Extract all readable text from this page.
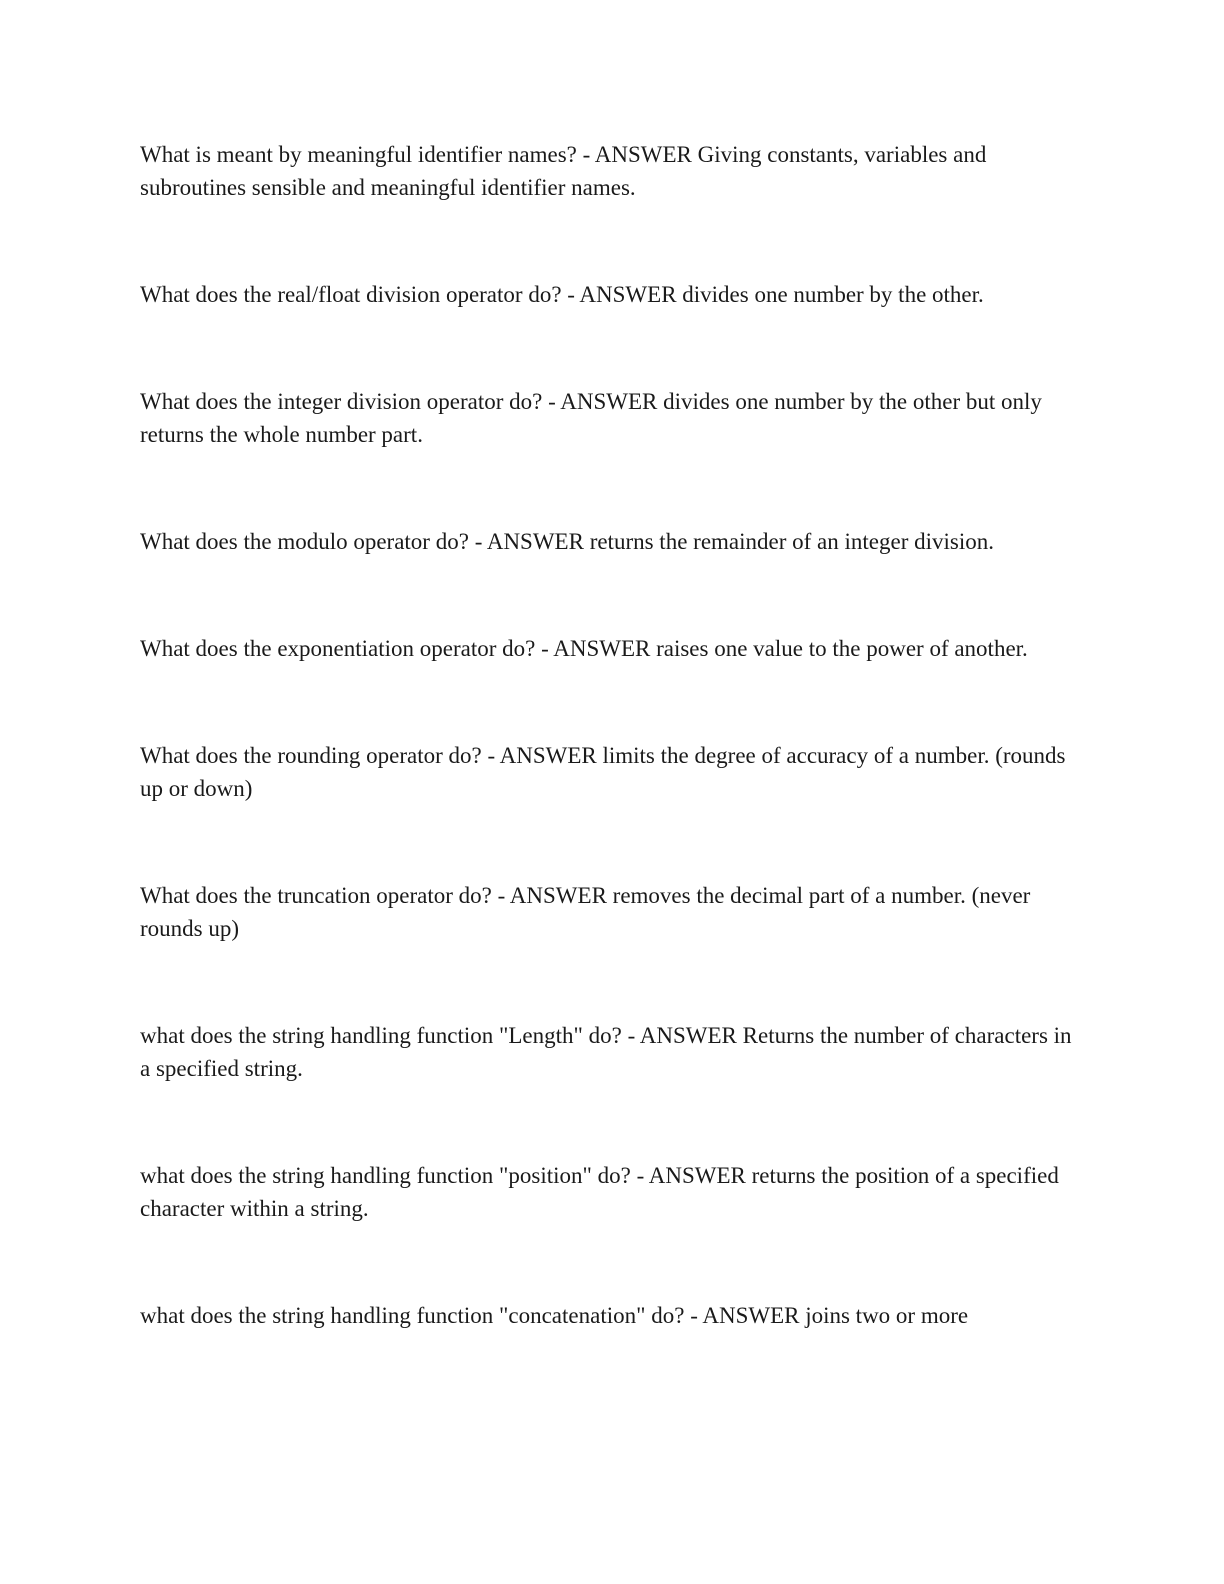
What is meant by meaningful identifier names? - ANSWER Giving constants, variables and subroutines sensible and meaningful identifier names.

What does the real/float division operator do? - ANSWER divides one number by the other.

What does the integer division operator do? - ANSWER divides one number by the other but only returns the whole number part.

What does the modulo operator do? - ANSWER returns the remainder of an integer division.

What does the exponentiation operator do? - ANSWER raises one value to the power of another.

What does the rounding operator do? - ANSWER limits the degree of accuracy of a number. (rounds up or down)

What does the truncation operator do? - ANSWER removes the decimal part of a number. (never rounds up)

what does the string handling function "Length" do? - ANSWER Returns the number of characters in a specified string.

what does the string handling function "position" do? - ANSWER returns the position of a specified character within a string.

what does the string handling function "concatenation" do? - ANSWER joins two or more
